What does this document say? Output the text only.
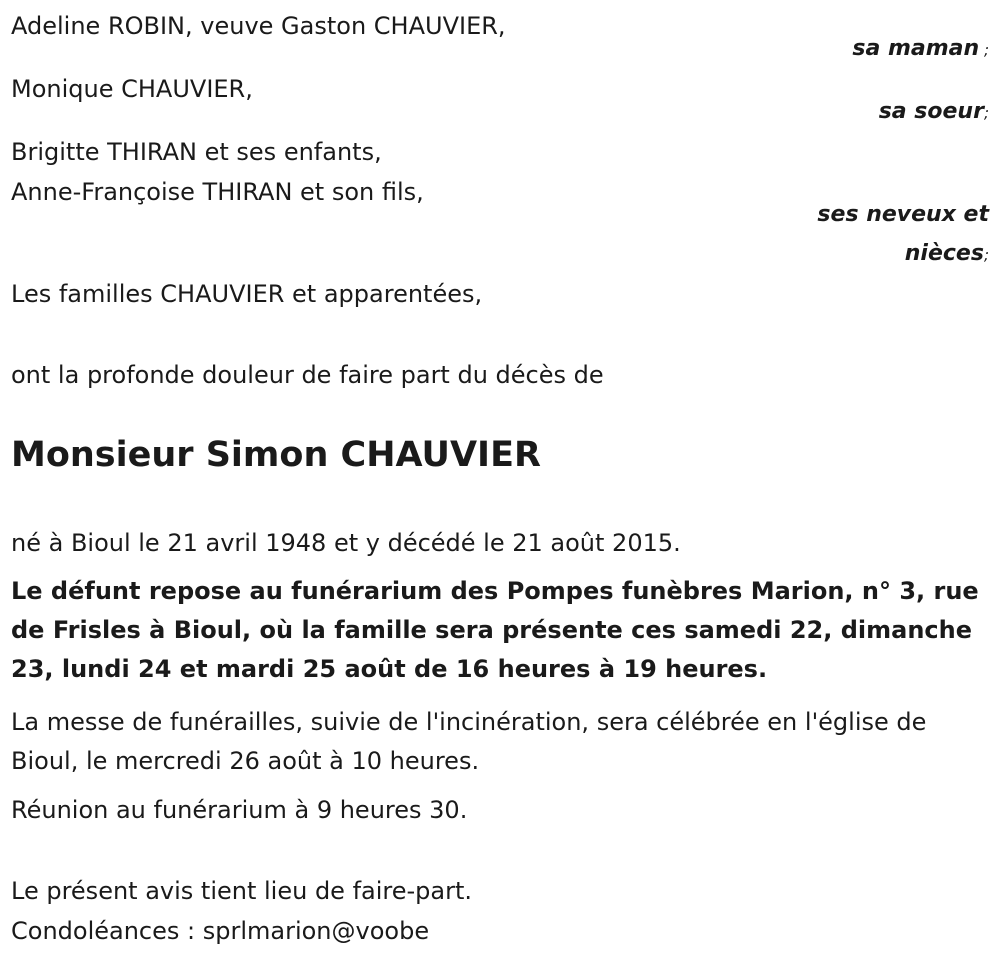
Adeline ROBIN, veuve Gaston CHAUVIER,

sa maman ;

Monique CHAUVIER,

sa soeur;

Brigitte THIRAN et ses enfants,

Anne-Françoise THIRAN et son fils,

ses neveux et

nièces;

Les familles CHAUVIER et apparentées,

ont la profonde douleur de faire part du décès de

Monsieur Simon CHAUVIER

né à Bioul le 21 avril 1948 et y décédé le 21 août 2015.

Le défunt repose au funérarium des Pompes funèbres Marion, n° 3, rue de Frisles à Bioul, où la famille sera présente ces samedi 22, dimanche 23, lundi 24 et mardi 25 août de 16 heures à 19 heures.

La messe de funérailles, suivie de l'incinération, sera célébrée en l'église de Bioul, le mercredi 26 août à 10 heures.

Réunion au funérarium à 9 heures 30.

Le présent avis tient lieu de faire-part.

Condoléances : sprlmarion@voobe
